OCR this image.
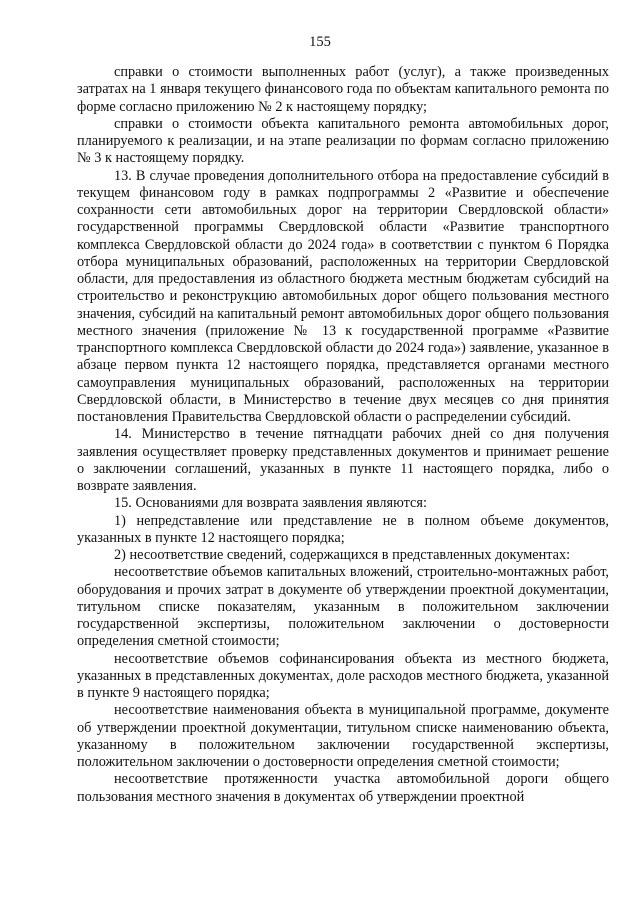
155

справки о стоимости выполненных работ (услуг), а также произведенных затратах на 1 января текущего финансового года по объектам капитального ремонта по форме согласно приложению № 2 к настоящему порядку;

справки о стоимости объекта капитального ремонта автомобильных дорог, планируемого к реализации, и на этапе реализации по формам согласно приложению № 3 к настоящему порядку.

13. В случае проведения дополнительного отбора на предоставление субсидий в текущем финансовом году в рамках подпрограммы 2 «Развитие и обеспечение сохранности сети автомобильных дорог на территории Свердловской области» государственной программы Свердловской области «Развитие транспортного комплекса Свердловской области до 2024 года» в соответствии с пунктом 6 Порядка отбора муниципальных образований, расположенных на территории Свердловской области, для предоставления из областного бюджета местным бюджетам субсидий на строительство и реконструкцию автомобильных дорог общего пользования местного значения, субсидий на капитальный ремонт автомобильных дорог общего пользования местного значения (приложение № 13 к государственной программе «Развитие транспортного комплекса Свердловской области до 2024 года») заявление, указанное в абзаце первом пункта 12 настоящего порядка, представляется органами местного самоуправления муниципальных образований, расположенных на территории Свердловской области, в Министерство в течение двух месяцев со дня принятия постановления Правительства Свердловской области о распределении субсидий.

14. Министерство в течение пятнадцати рабочих дней со дня получения заявления осуществляет проверку представленных документов и принимает решение о заключении соглашений, указанных в пункте 11 настоящего порядка, либо о возврате заявления.

15. Основаниями для возврата заявления являются:

1) непредставление или представление не в полном объеме документов, указанных в пункте 12 настоящего порядка;

2) несоответствие сведений, содержащихся в представленных документах:

несоответствие объемов капитальных вложений, строительно-монтажных работ, оборудования и прочих затрат в документе об утверждении проектной документации, титульном списке показателям, указанным в положительном заключении государственной экспертизы, положительном заключении о достоверности определения сметной стоимости;

несоответствие объемов софинансирования объекта из местного бюджета, указанных в представленных документах, доле расходов местного бюджета, указанной в пункте 9 настоящего порядка;

несоответствие наименования объекта в муниципальной программе, документе об утверждении проектной документации, титульном списке наименованию объекта, указанному в положительном заключении государственной экспертизы, положительном заключении о достоверности определения сметной стоимости;

несоответствие протяженности участка автомобильной дороги общего пользования местного значения в документах об утверждении проектной
